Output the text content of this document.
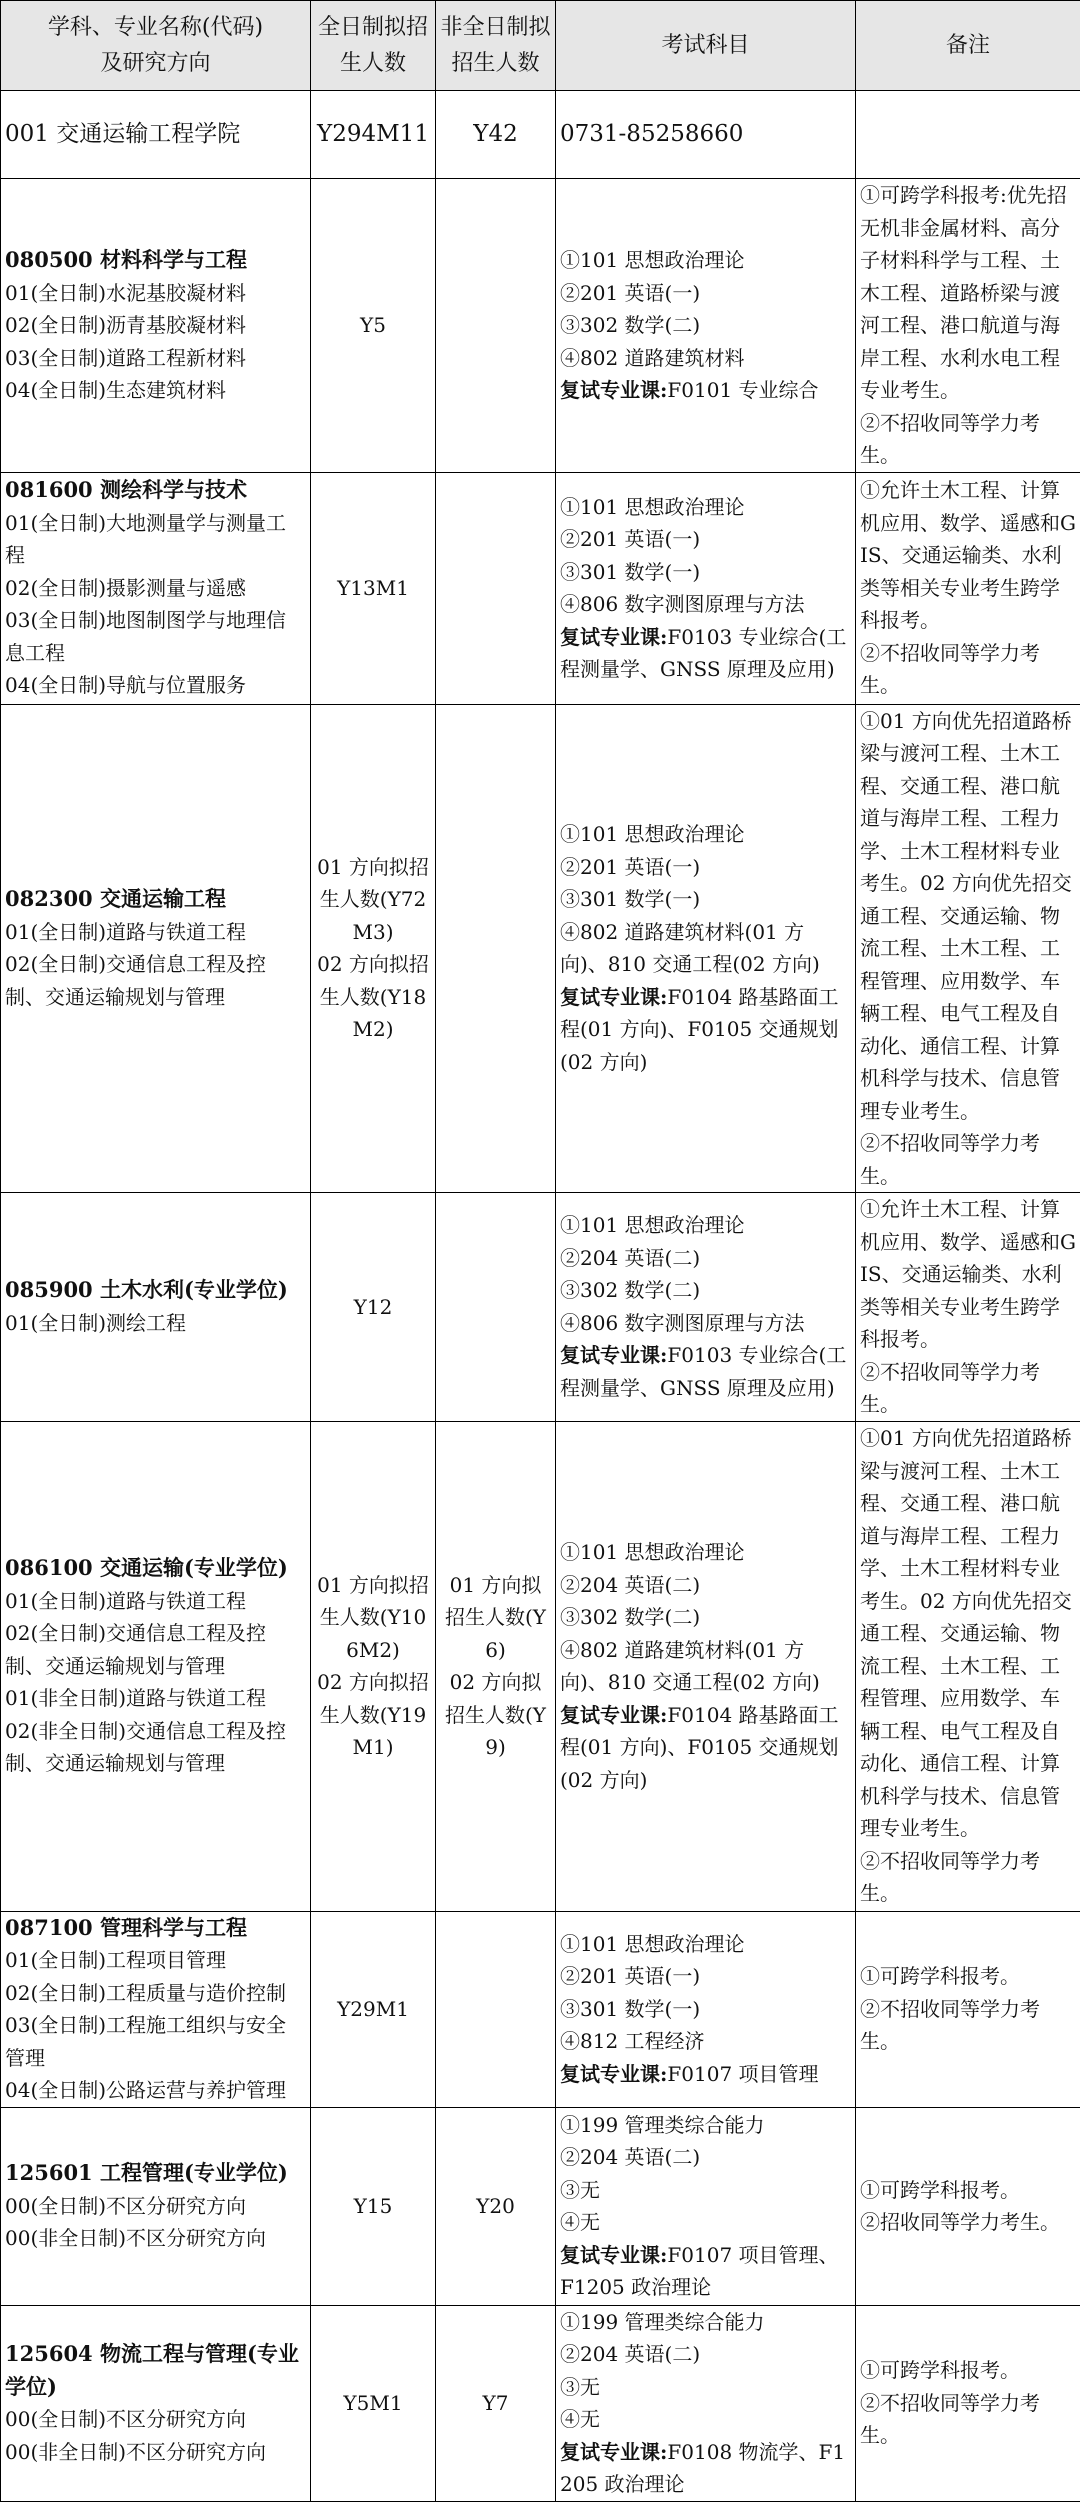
学科、专业名称(代码)
及研究方向	全日制拟招
生人数	非全日制拟
招生人数	考试科目	备注
001 交通运输工程学院	Y294M11	Y42	0731-85258660	

080500 材料科学与工程
01(全日制)水泥基胶凝材料
02(全日制)沥青基胶凝材料
03(全日制)道路工程新材料
04(全日制)生态建筑材料	Y5		①101 思想政治理论
②201 英语(一)
③302 数学(二)
④802 道路建筑材料
复试专业课:F0101 专业综合	①可跨学科报考:优先招无机非金属材料、高分子材料科学与工程、土木工程、道路桥梁与渡河工程、港口航道与海岸工程、水利水电工程专业考生。
②不招收同等学力考生。

081600 测绘科学与技术
01(全日制)大地测量学与测量工程
02(全日制)摄影测量与遥感
03(全日制)地图制图学与地理信息工程
04(全日制)导航与位置服务	Y13M1		①101 思想政治理论
②201 英语(一)
③301 数学(一)
④806 数字测图原理与方法
复试专业课:F0103 专业综合(工程测量学、GNSS 原理及应用)	①允许土木工程、计算机应用、数学、遥感和GIS、交通运输类、水利类等相关专业考生跨学科报考。
②不招收同等学力考生。

082300 交通运输工程
01(全日制)道路与铁道工程
02(全日制)交通信息工程及控制、交通运输规划与管理	01 方向拟招生人数(Y72M3)
02 方向拟招生人数(Y18M2)		①101 思想政治理论
②201 英语(一)
③301 数学(一)
④802 道路建筑材料(01 方向)、810 交通工程(02 方向)
复试专业课:F0104 路基路面工程(01 方向)、F0105 交通规划(02 方向)	①01 方向优先招道路桥梁与渡河工程、土木工程、交通工程、港口航道与海岸工程、工程力学、土木工程材料专业考生。02 方向优先招交通工程、交通运输、物流工程、土木工程、工程管理、应用数学、车辆工程、电气工程及自动化、通信工程、计算机科学与技术、信息管理专业考生。
②不招收同等学力考生。

085900 土木水利(专业学位)
01(全日制)测绘工程	Y12		①101 思想政治理论
②204 英语(二)
③302 数学(二)
④806 数字测图原理与方法
复试专业课:F0103 专业综合(工程测量学、GNSS 原理及应用)	①允许土木工程、计算机应用、数学、遥感和GIS、交通运输类、水利类等相关专业考生跨学科报考。
②不招收同等学力考生。

086100 交通运输(专业学位)
01(全日制)道路与铁道工程
02(全日制)交通信息工程及控制、交通运输规划与管理
01(非全日制)道路与铁道工程
02(非全日制)交通信息工程及控制、交通运输规划与管理	01 方向拟招生人数(Y106M2)
02 方向拟招生人数(Y19M1)	01 方向拟招生人数(Y6)
02 方向拟招生人数(Y9)	①101 思想政治理论
②204 英语(二)
③302 数学(二)
④802 道路建筑材料(01 方向)、810 交通工程(02 方向)
复试专业课:F0104 路基路面工程(01 方向)、F0105 交通规划(02 方向)	①01 方向优先招道路桥梁与渡河工程、土木工程、交通工程、港口航道与海岸工程、工程力学、土木工程材料专业考生。02 方向优先招交通工程、交通运输、物流工程、土木工程、工程管理、应用数学、车辆工程、电气工程及自动化、通信工程、计算机科学与技术、信息管理专业考生。
②不招收同等学力考生。

087100 管理科学与工程
01(全日制)工程项目管理
02(全日制)工程质量与造价控制
03(全日制)工程施工组织与安全管理
04(全日制)公路运营与养护管理	Y29M1		①101 思想政治理论
②201 英语(一)
③301 数学(一)
④812 工程经济
复试专业课:F0107 项目管理	①可跨学科报考。
②不招收同等学力考生。

125601 工程管理(专业学位)
00(全日制)不区分研究方向
00(非全日制)不区分研究方向	Y15	Y20	①199 管理类综合能力
②204 英语(二)
③无
④无
复试专业课:F0107 项目管理、F1205 政治理论	①可跨学科报考。
②招收同等学力考生。

125604 物流工程与管理(专业学位)
00(全日制)不区分研究方向
00(非全日制)不区分研究方向	Y5M1	Y7	①199 管理类综合能力
②204 英语(二)
③无
④无
复试专业课:F0108 物流学、F1205 政治理论	①可跨学科报考。
②不招收同等学力考生。
